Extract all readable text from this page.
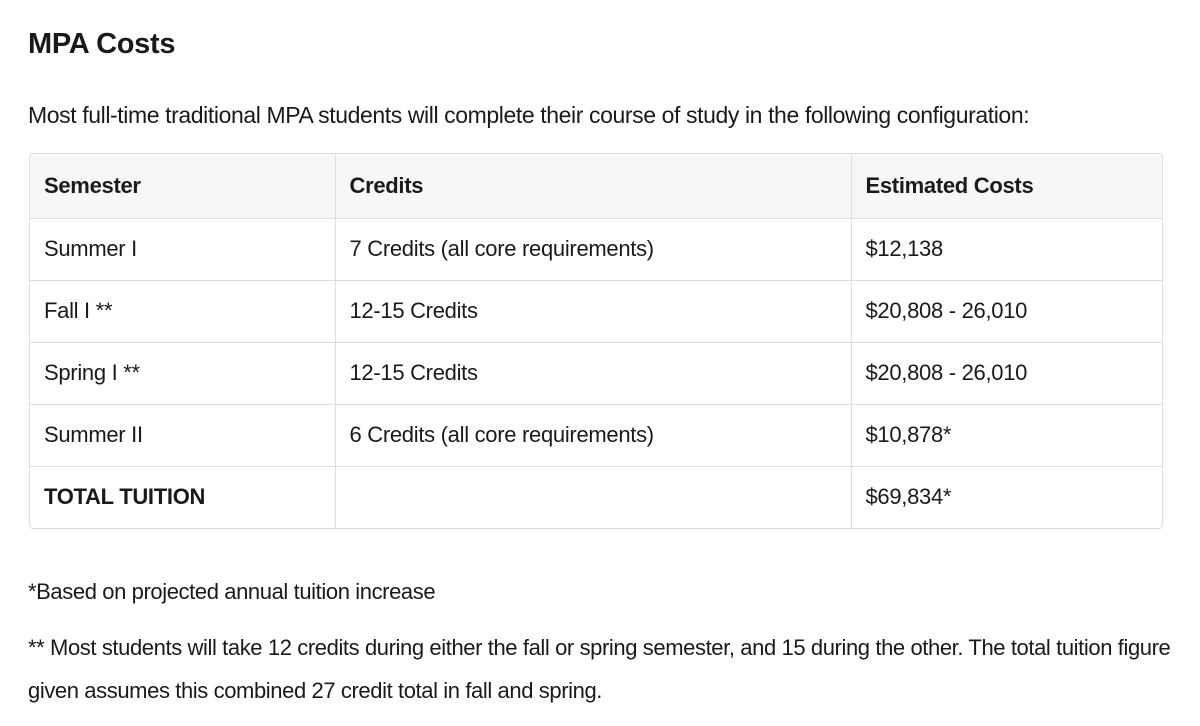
MPA Costs

Most full-time traditional MPA students will complete their course of study in the following configuration:

Semester	Credits	Estimated Costs
Summer I	7 Credits (all core requirements)	$12,138
Fall I **	12-15 Credits	$20,808 - 26,010
Spring I **	12-15 Credits	$20,808 - 26,010
Summer II	6 Credits (all core requirements)	$10,878*
TOTAL TUITION		$69,834*

*Based on projected annual tuition increase

** Most students will take 12 credits during either the fall or spring semester, and 15 during the other. The total tuition figure given assumes this combined 27 credit total in fall and spring.
